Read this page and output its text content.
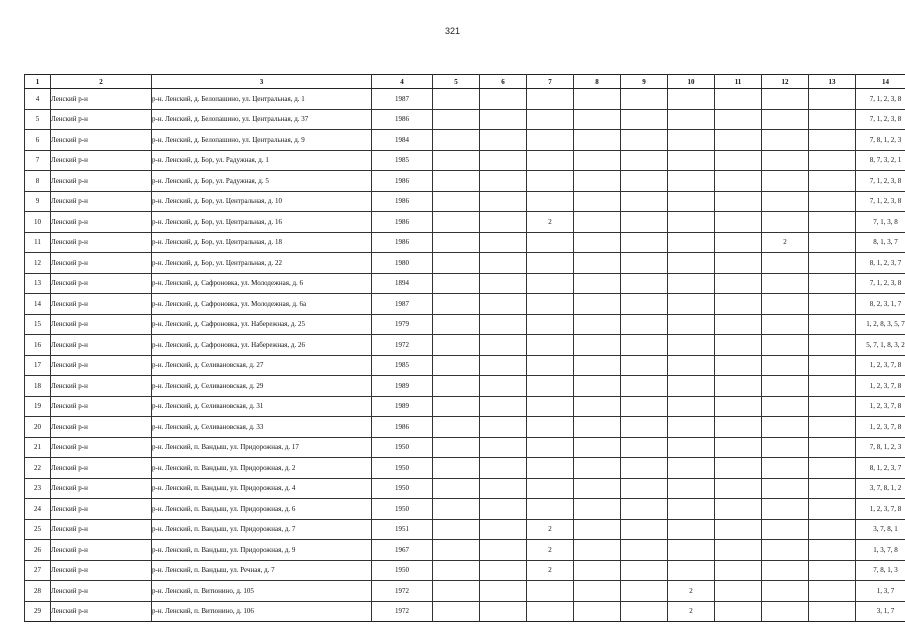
321
1	2	3	4	5	6	7	8	9	10	11	12	13	14
4	Ленский р-н	р-н. Ленский, д. Белопашино, ул. Центральная, д. 1	1987										7, 1, 2, 3, 8
5	Ленский р-н	р-н. Ленский, д. Белопашино, ул. Центральная, д. 37	1986										7, 1, 2, 3, 8
6	Ленский р-н	р-н. Ленский, д. Белопашино, ул. Центральная, д. 9	1984										7, 8, 1, 2, 3
7	Ленский р-н	р-н. Ленский, д. Бор, ул. Радужная, д. 1	1985										8, 7, 3, 2, 1
8	Ленский р-н	р-н. Ленский, д. Бор, ул. Радужная, д. 5	1986										7, 1, 2, 3, 8
9	Ленский р-н	р-н. Ленский, д. Бор, ул. Центральная, д. 10	1986										7, 1, 2, 3, 8
10	Ленский р-н	р-н. Ленский, д. Бор, ул. Центральная, д. 16	1986			2							7, 1, 3, 8
11	Ленский р-н	р-н. Ленский, д. Бор, ул. Центральная, д. 18	1986								2		8, 1, 3, 7
12	Ленский р-н	р-н. Ленский, д. Бор, ул. Центральная, д. 22	1980										8, 1, 2, 3, 7
13	Ленский р-н	р-н. Ленский, д. Сафроновка, ул. Молодежная, д. 6	1894										7, 1, 2, 3, 8
14	Ленский р-н	р-н. Ленский, д. Сафроновка, ул. Молодежная, д. 6а	1987										8, 2, 3, 1, 7
15	Ленский р-н	р-н. Ленский, д. Сафроновка, ул. Набережная, д. 25	1979										1, 2, 8, 3, 5, 7
16	Ленский р-н	р-н. Ленский, д. Сафроновка, ул. Набережная, д. 26	1972										5, 7, 1, 8, 3, 2
17	Ленский р-н	р-н. Ленский, д. Селивановская, д. 27	1985										1, 2, 3, 7, 8
18	Ленский р-н	р-н. Ленский, д. Селивановская, д. 29	1989										1, 2, 3, 7, 8
19	Ленский р-н	р-н. Ленский, д. Селивановская, д. 31	1989										1, 2, 3, 7, 8
20	Ленский р-н	р-н. Ленский, д. Селивановская, д. 33	1986										1, 2, 3, 7, 8
21	Ленский р-н	р-н. Ленский, п. Вандыш, ул. Придорожная, д. 17	1950										7, 8, 1, 2, 3
22	Ленский р-н	р-н. Ленский, п. Вандыш, ул. Придорожная, д. 2	1950										8, 1, 2, 3, 7
23	Ленский р-н	р-н. Ленский, п. Вандыш, ул. Придорожная, д. 4	1950										3, 7, 8, 1, 2
24	Ленский р-н	р-н. Ленский, п. Вандыш, ул. Придорожная, д. 6	1950										1, 2, 3, 7, 8
25	Ленский р-н	р-н. Ленский, п. Вандыш, ул. Придорожная, д. 7	1951			2							3, 7, 8, 1
26	Ленский р-н	р-н. Ленский, п. Вандыш, ул. Придорожная, д. 9	1967			2							1, 3, 7, 8
27	Ленский р-н	р-н. Ленский, п. Вандыш, ул. Речная, д. 7	1950			2							7, 8, 1, 3
28	Ленский р-н	р-н. Ленский, п. Витюнино, д. 105	1972						2				1, 3, 7
29	Ленский р-н	р-н. Ленский, п. Витюнино, д. 106	1972						2				3, 1, 7
